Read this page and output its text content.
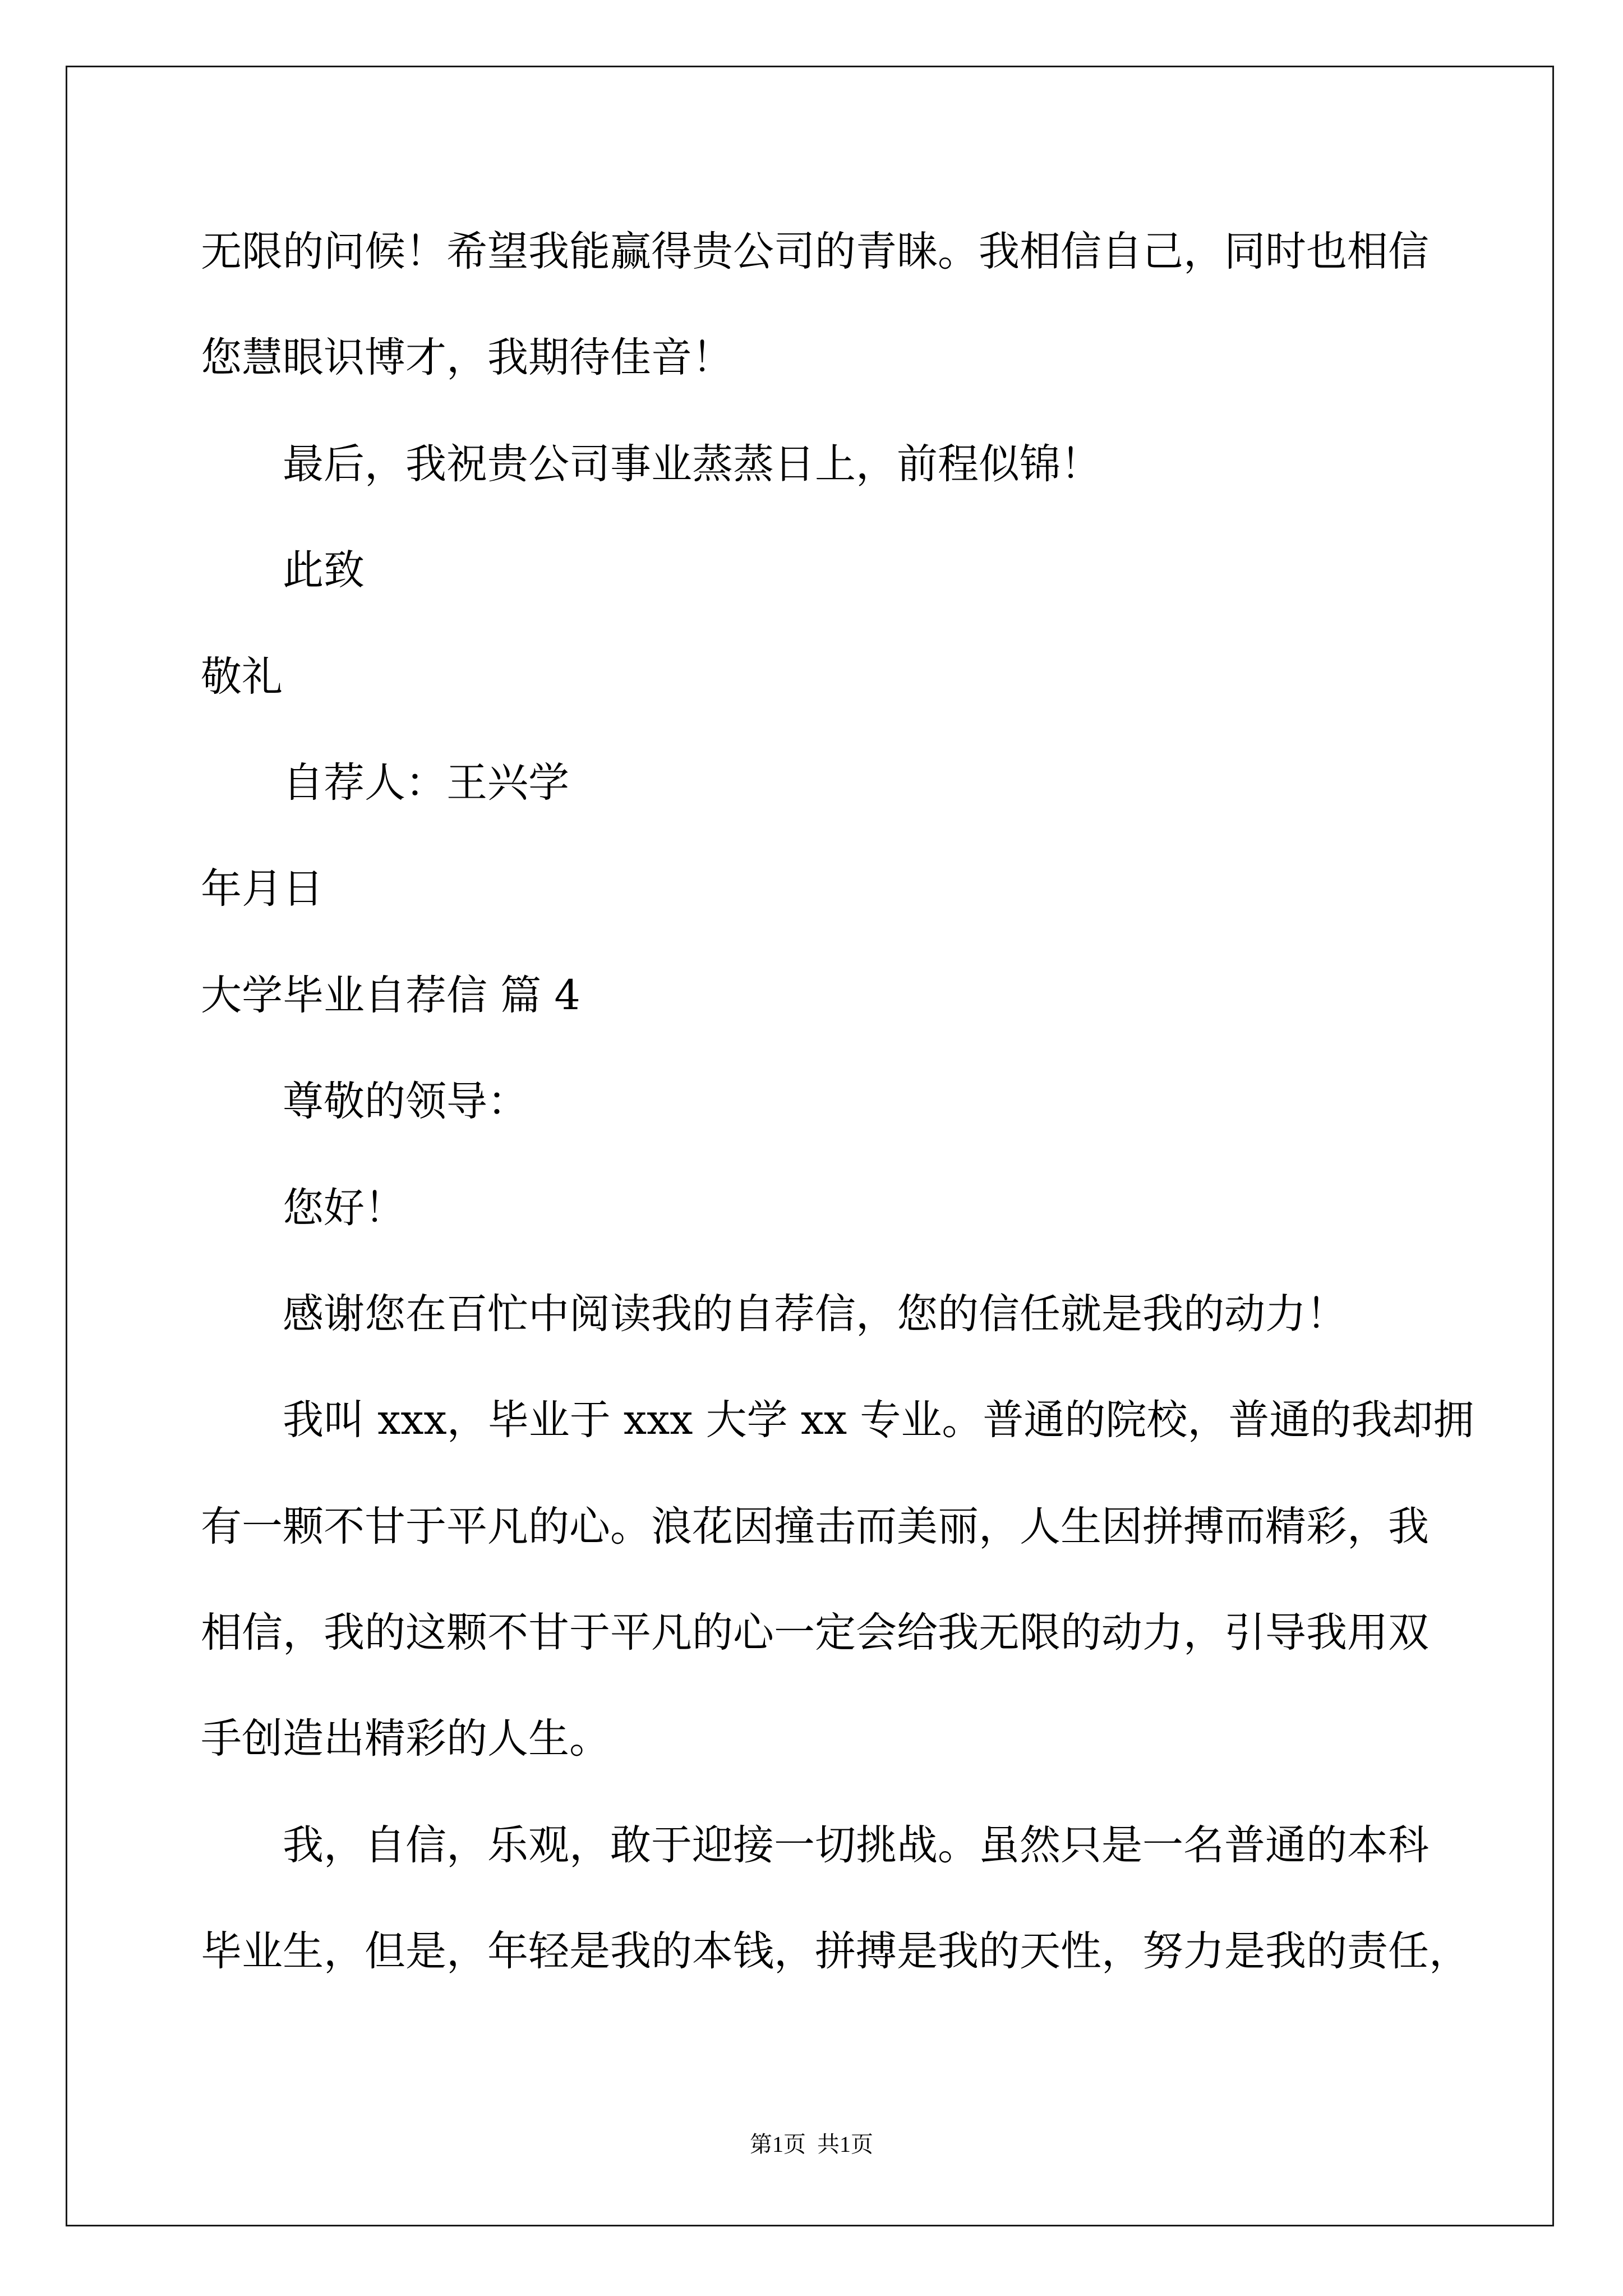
无限的问候！希望我能赢得贵公司的青睐。我相信自己，同时也相信

您慧眼识博才，我期待佳音！

最后，我祝贵公司事业蒸蒸日上，前程似锦！

此致

敬礼

自荐人：王兴学

年月日

大学毕业自荐信 篇 4

尊敬的领导：

您好！

感谢您在百忙中阅读我的自荐信，您的信任就是我的动力！

我叫 xxx，毕业于 xxx 大学 xx 专业。普通的院校，普通的我却拥

有一颗不甘于平凡的心。浪花因撞击而美丽，人生因拼搏而精彩，我

相信，我的这颗不甘于平凡的心一定会给我无限的动力，引导我用双

手创造出精彩的人生。

我，自信，乐观，敢于迎接一切挑战。虽然只是一名普通的本科

毕业生，但是，年轻是我的本钱，拼搏是我的天性，努力是我的责任，

第1页  共1页
